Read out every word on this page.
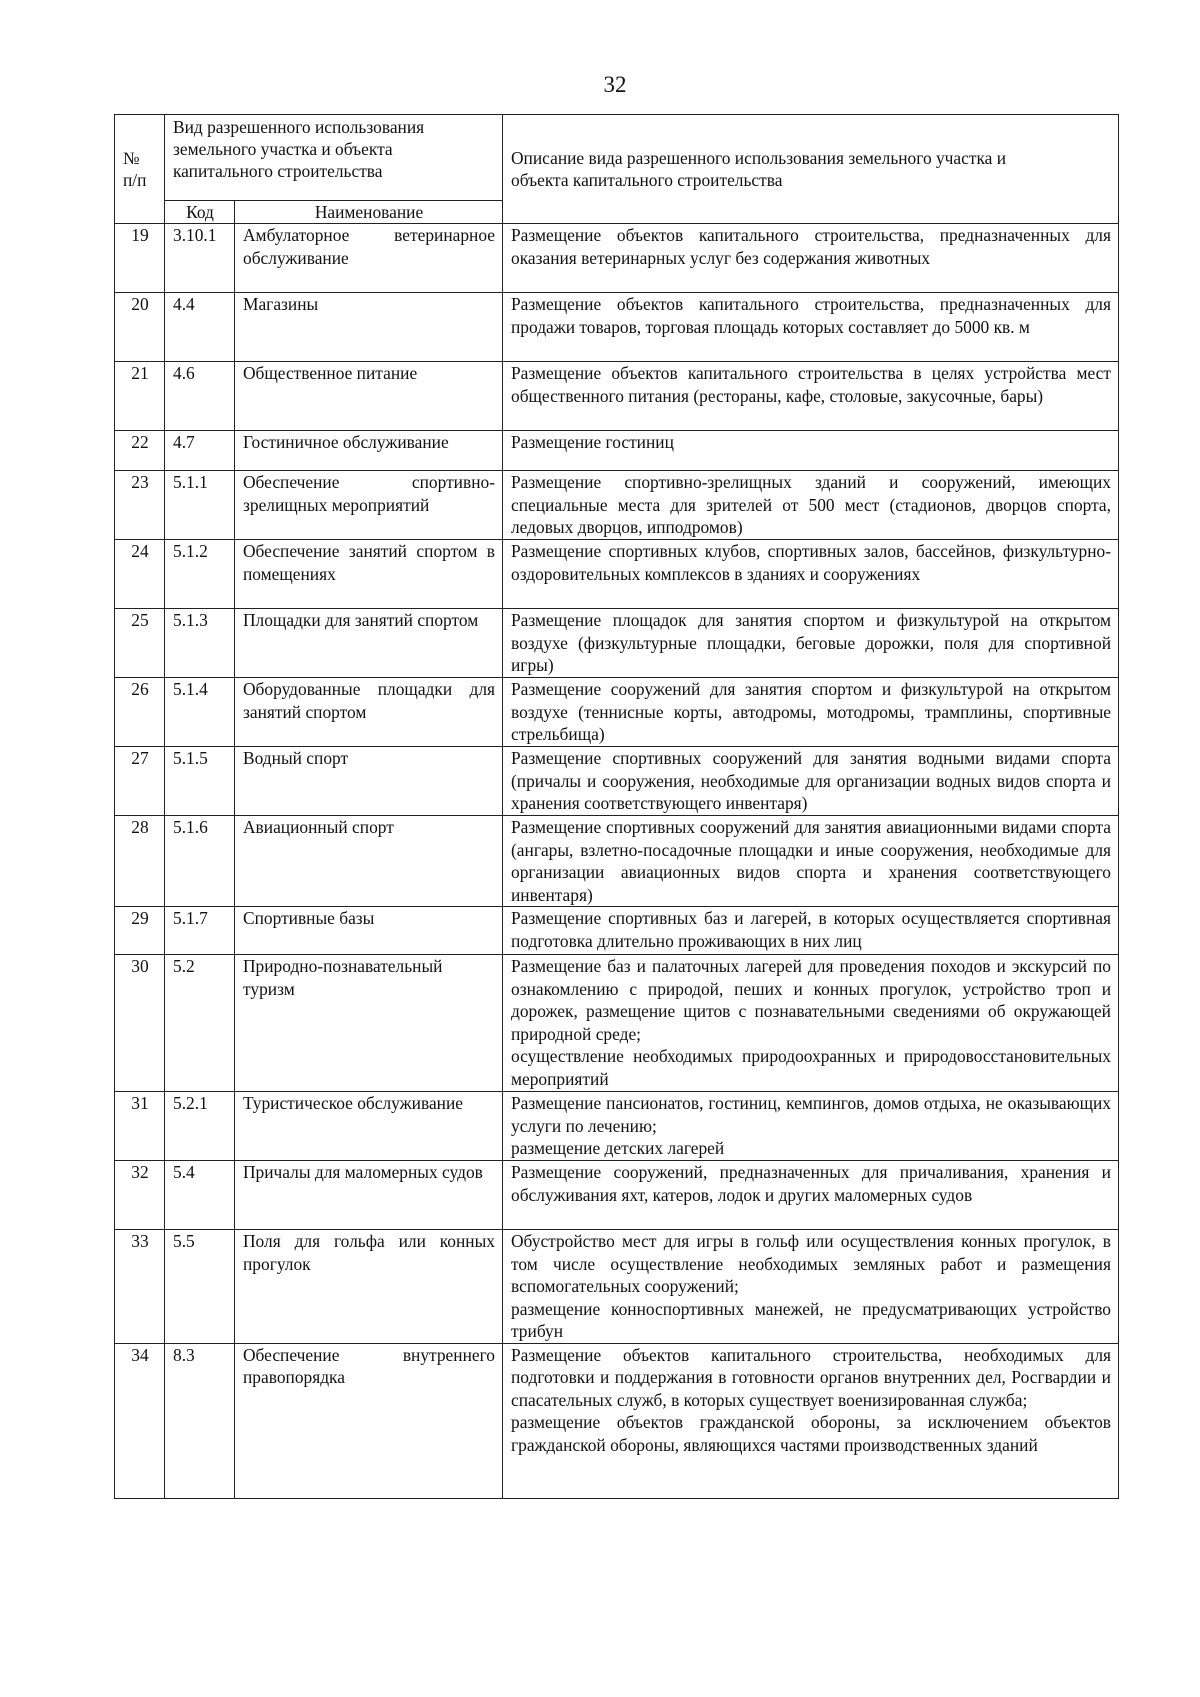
32
№
п/п	Вид разрешенного использования
земельного участка и объекта
капитального строительства		Описание вида разрешенного использования земельного участка и
объекта капитального строительства

	Код	Наименование	
19	3.10.1	Амбулаторное ветеринарное обслуживание	Размещение объектов капитального строительства, предназначенных для оказания ветеринарных услуг без содержания животных

20	4.4	Магазины	Размещение объектов капитального строительства, предназначенных для продажи товаров, торговая площадь которых составляет до 5000 кв. м

21	4.6	Общественное питание	Размещение объектов капитального строительства в целях устройства мест общественного питания (рестораны, кафе, столовые, закусочные, бары)

22	4.7	Гостиничное обслуживание	Размещение гостиниц

23	5.1.1	Обеспечение спортивно-зрелищных мероприятий	Размещение спортивно-зрелищных зданий и сооружений, имеющих специальные места для зрителей от 500 мест (стадионов, дворцов спорта, ледовых дворцов, ипподромов)

24	5.1.2	Обеспечение занятий спортом в помещениях	Размещение спортивных клубов, спортивных залов, бассейнов, физкультурно-оздоровительных комплексов в зданиях и сооружениях

25	5.1.3	Площадки для занятий спортом	Размещение площадок для занятия спортом и физкультурой на открытом воздухе (физкультурные площадки, беговые дорожки, поля для спортивной игры)

26	5.1.4	Оборудованные площадки для занятий спортом	Размещение сооружений для занятия спортом и физкультурой на открытом воздухе (теннисные корты, автодромы, мотодромы, трамплины, спортивные стрельбища)

27	5.1.5	Водный спорт	Размещение спортивных сооружений для занятия водными видами спорта (причалы и сооружения, необходимые для организации водных видов спорта и хранения соответствующего инвентаря)

28	5.1.6	Авиационный спорт	Размещение спортивных сооружений для занятия авиационными видами спорта (ангары, взлетно-посадочные площадки и иные сооружения, необходимые для организации авиационных видов спорта и хранения соответствующего инвентаря)

29	5.1.7	Спортивные базы	Размещение спортивных баз и лагерей, в которых осуществляется спортивная подготовка длительно проживающих в них лиц

30	5.2	Природно-познавательный туризм	Размещение баз и палаточных лагерей для проведения походов и экскурсий по ознакомлению с природой, пеших и конных прогулок, устройство троп и дорожек, размещение щитов с познавательными сведениями об окружающей природной среде;
осуществление необходимых природоохранных и природовосстановительных мероприятий

31	5.2.1	Туристическое обслуживание	Размещение пансионатов, гостиниц, кемпингов, домов отдыха, не оказывающих услуги по лечению;
размещение детских лагерей

32	5.4	Причалы для маломерных судов	Размещение сооружений, предназначенных для причаливания, хранения и обслуживания яхт, катеров, лодок и других маломерных судов

33	5.5	Поля для гольфа или конных прогулок	Обустройство мест для игры в гольф или осуществления конных прогулок, в том числе осуществление необходимых земляных работ и размещения вспомогательных сооружений;
размещение конноспортивных манежей, не предусматривающих устройство трибун

34	8.3	Обеспечение внутреннего правопорядка	Размещение объектов капитального строительства, необходимых для подготовки и поддержания в готовности органов внутренних дел, Росгвардии и спасательных служб, в которых существует военизированная служба;
размещение объектов гражданской обороны, за исключением объектов гражданской обороны, являющихся частями производственных зданий
